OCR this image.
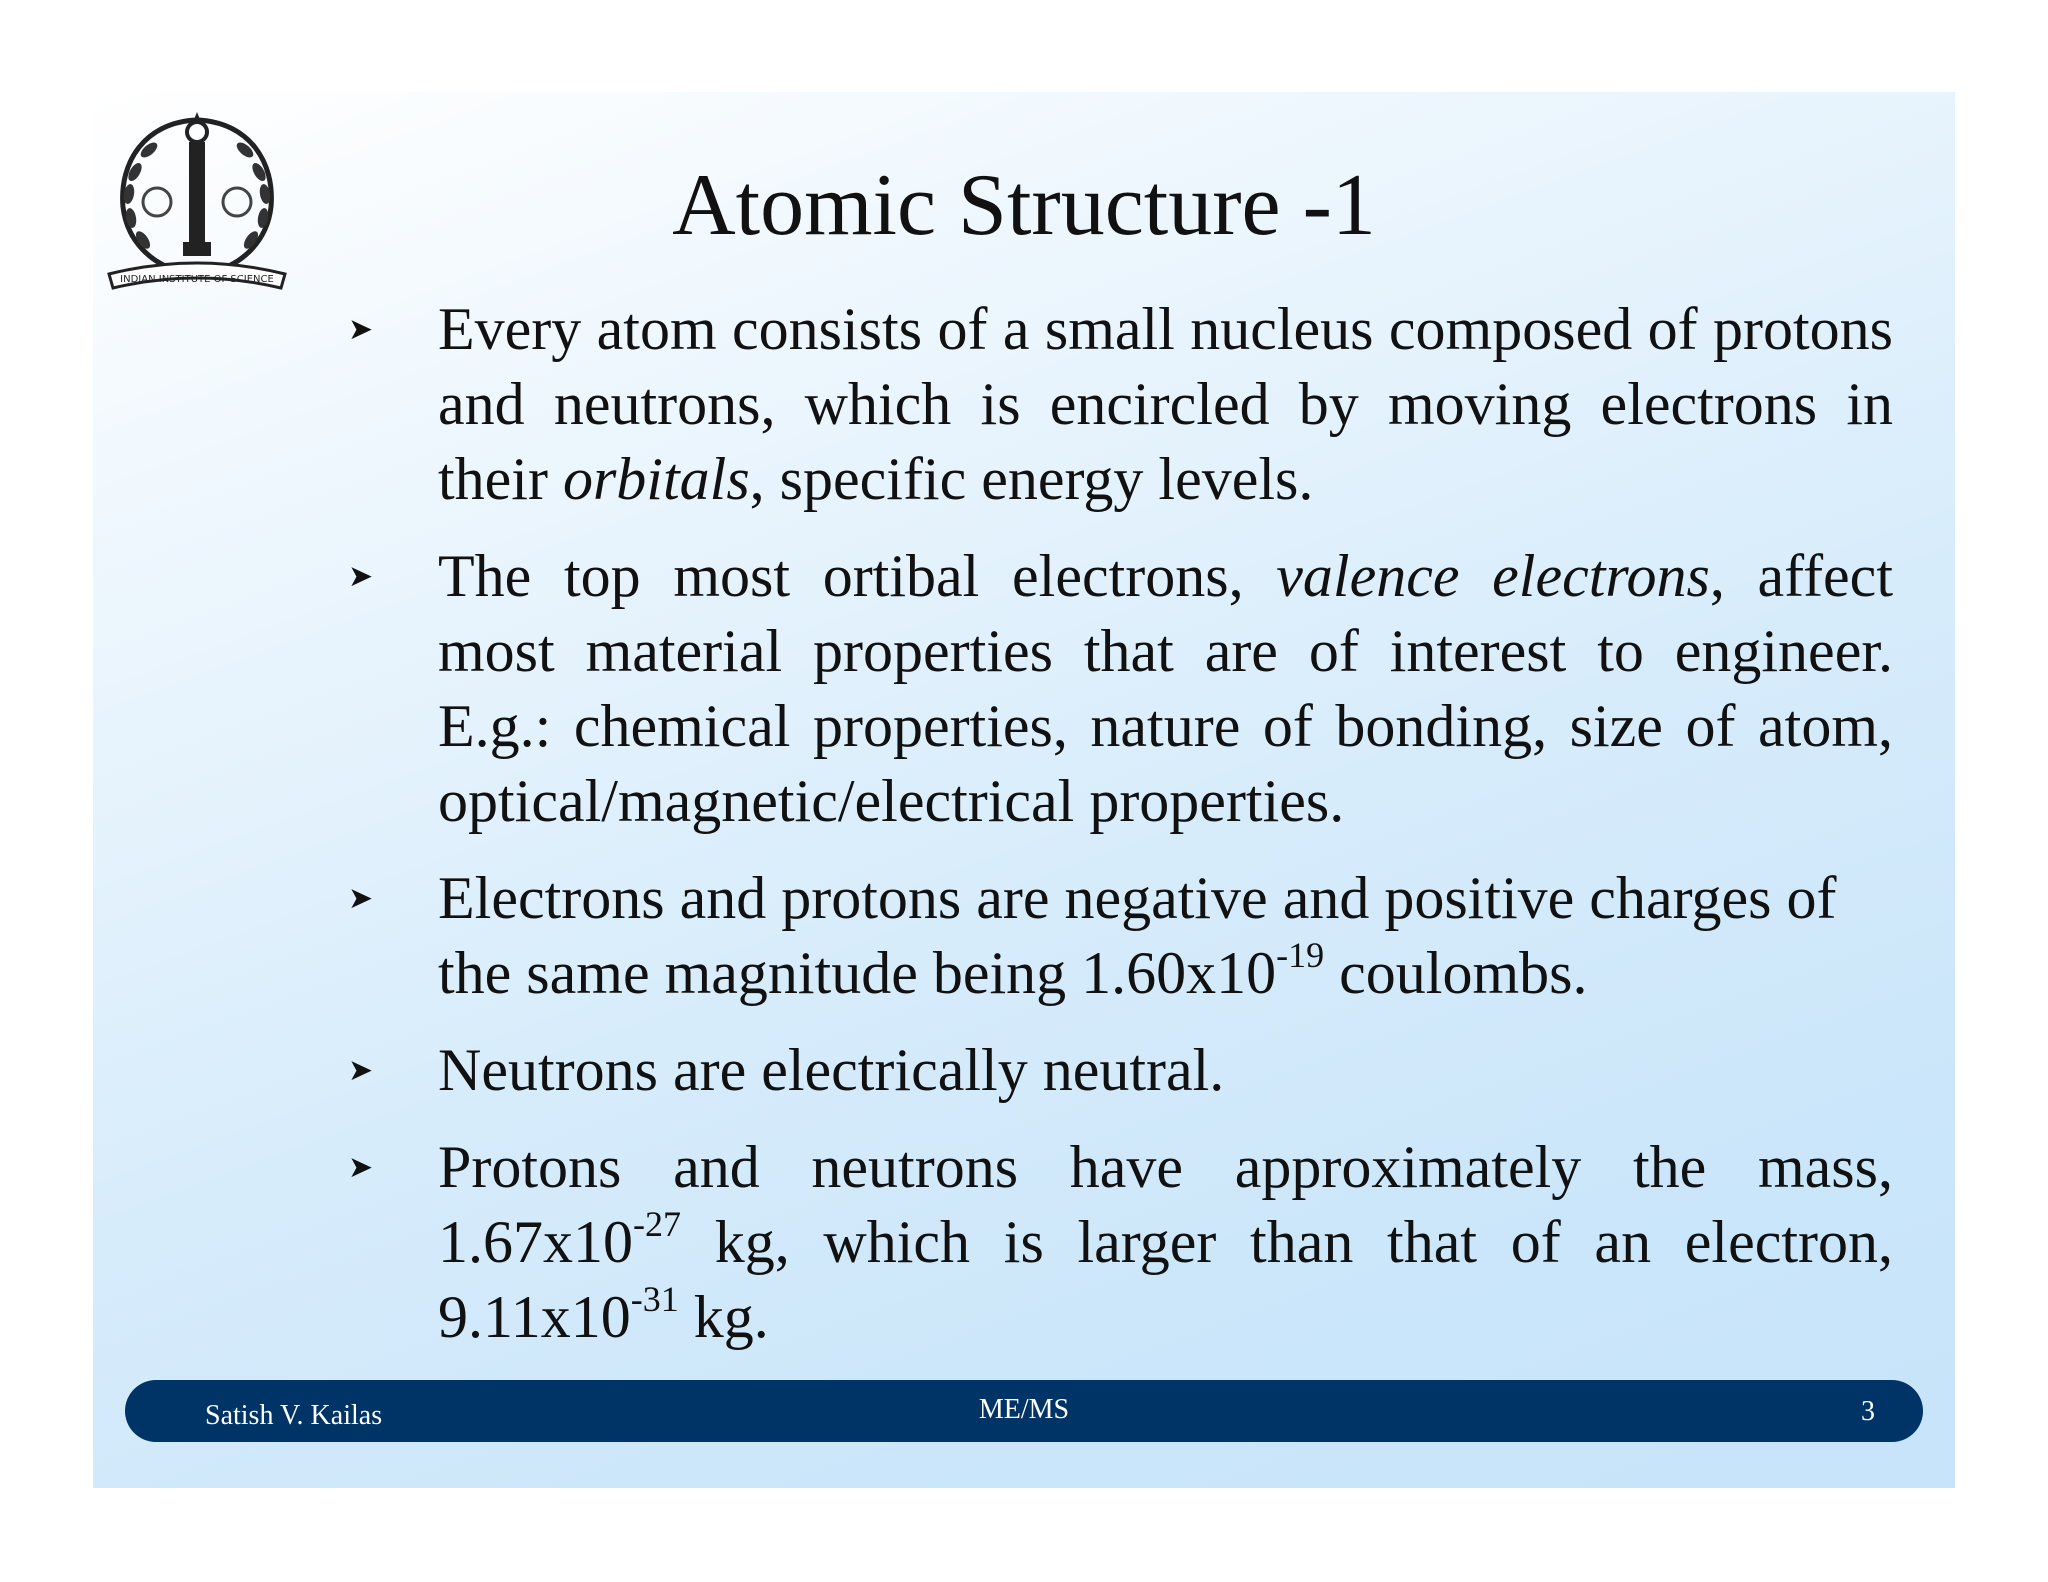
INDIAN INSTITUTE OF SCIENCE
Atomic Structure -1
➤ Every atom consists of a small nucleus composed of protons and neutrons, which is encircled by moving electrons in their orbitals, specific energy levels.
➤ The top most ortibal electrons, valence electrons, affect most material properties that are of interest to engineer. E.g.: chemical properties, nature of bonding, size of atom, optical/magnetic/electrical properties.
➤ Electrons and protons are negative and positive charges of the same magnitude being $1.60x10^{-19}$ coulombs.
➤ Neutrons are electrically neutral.
➤ Protons and neutrons have approximately the mass, $1.67x10^{-27}$ kg, which is larger than that of an electron, $9.11x10^{-31}$ kg.
Satish V. Kailas	ME/MS	3
